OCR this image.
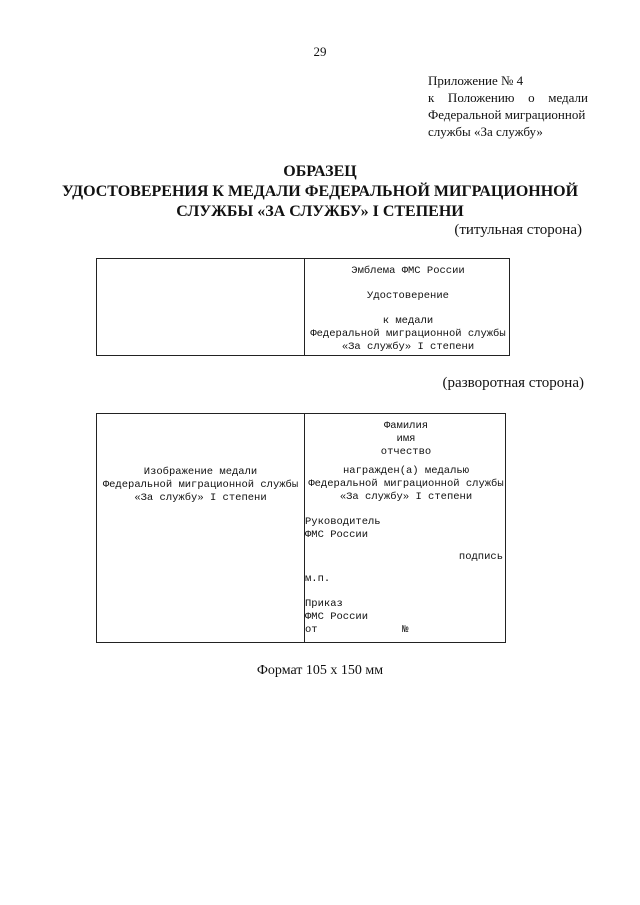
29
Приложение № 4
к Положению о медали
Федеральной миграционной
службы «За службу»
ОБРАЗЕЦ
УДОСТОВЕРЕНИЯ К МЕДАЛИ ФЕДЕРАЛЬНОЙ МИГРАЦИОННОЙ
СЛУЖБЫ «ЗА СЛУЖБУ» I СТЕПЕНИ
(титульная сторона)
Эмблема ФМС России
Удостоверение
к медали
Федеральной миграционной службы
«За службу» I степени
(разворотная сторона)
Изображение медали
Федеральной миграционной службы
«За службу» I степени
Фамилия
имя
отчество
награжден(а) медалью
Федеральной миграционной службы
«За службу» I степени
Руководитель
ФМС России
подпись
м.п.
Приказ
ФМС России
от	№
Формат 105 х 150 мм
